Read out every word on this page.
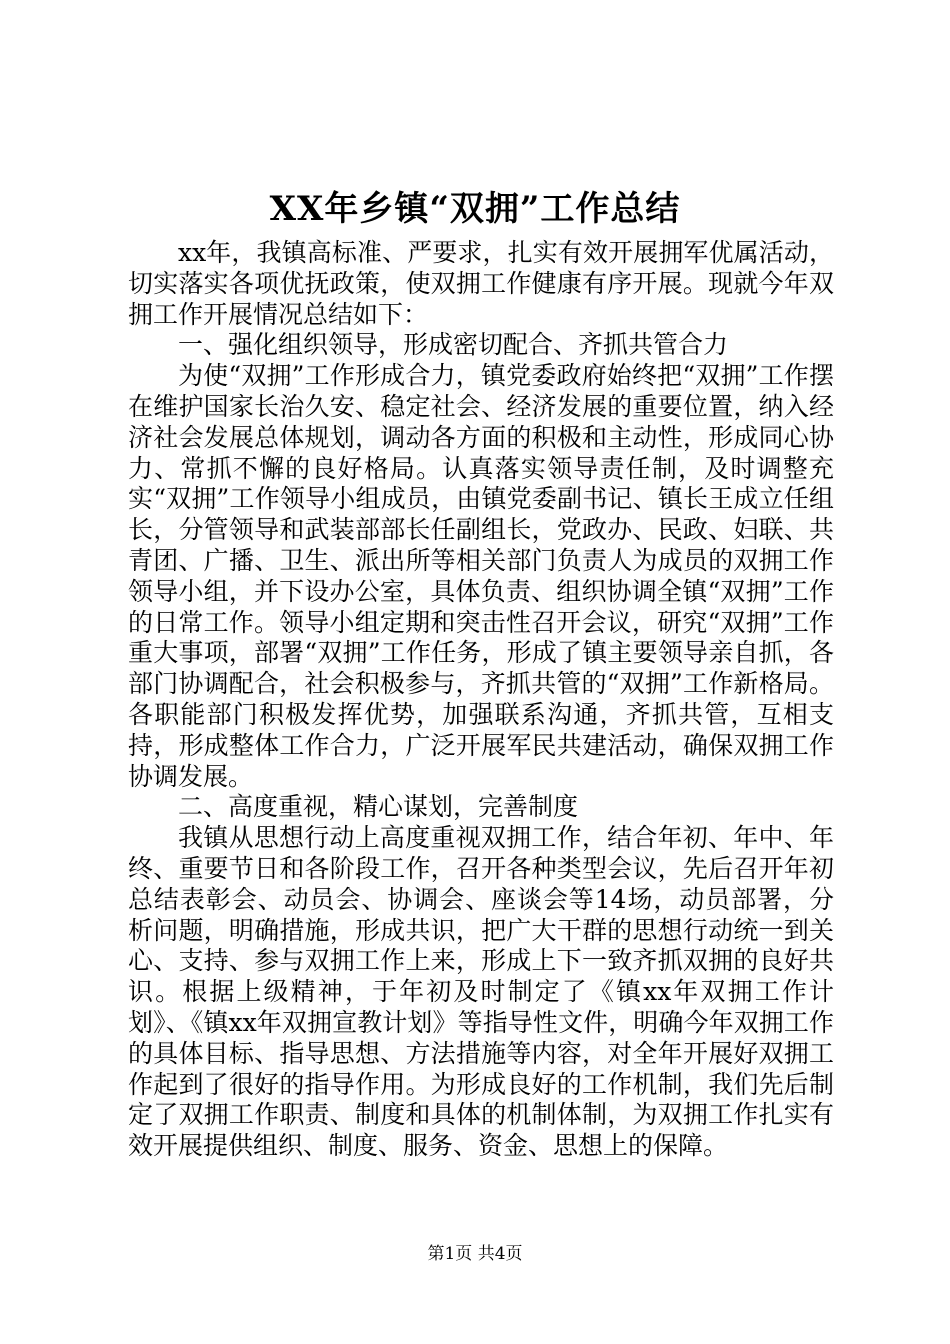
XX年乡镇“双拥”工作总结

xx年，我镇高标准、严要求，扎实有效开展拥军优属活动，切实落实各项优抚政策，使双拥工作健康有序开展。现就今年双拥工作开展情况总结如下：

一、强化组织领导，形成密切配合、齐抓共管合力

为使“双拥”工作形成合力，镇党委政府始终把“双拥”工作摆在维护国家长治久安、稳定社会、经济发展的重要位置，纳入经济社会发展总体规划，调动各方面的积极和主动性，形成同心协力、常抓不懈的良好格局。认真落实领导责任制，及时调整充实“双拥”工作领导小组成员，由镇党委副书记、镇长王成立任组长，分管领导和武装部部长任副组长，党政办、民政、妇联、共青团、广播、卫生、派出所等相关部门负责人为成员的双拥工作领导小组，并下设办公室，具体负责、组织协调全镇“双拥”工作的日常工作。领导小组定期和突击性召开会议，研究“双拥”工作重大事项，部署“双拥”工作任务，形成了镇主要领导亲自抓，各部门协调配合，社会积极参与，齐抓共管的“双拥”工作新格局。各职能部门积极发挥优势，加强联系沟通，齐抓共管，互相支持，形成整体工作合力，广泛开展军民共建活动，确保双拥工作协调发展。

二、高度重视，精心谋划，完善制度

我镇从思想行动上高度重视双拥工作，结合年初、年中、年终、重要节日和各阶段工作，召开各种类型会议，先后召开年初总结表彰会、动员会、协调会、座谈会等14场，动员部署，分析问题，明确措施，形成共识，把广大干群的思想行动统一到关心、支持、参与双拥工作上来，形成上下一致齐抓双拥的良好共识。根据上级精神，于年初及时制定了《镇xx年双拥工作计划》、《镇xx年双拥宣教计划》等指导性文件，明确今年双拥工作的具体目标、指导思想、方法措施等内容，对全年开展好双拥工作起到了很好的指导作用。为形成良好的工作机制，我们先后制定了双拥工作职责、制度和具体的机制体制，为双拥工作扎实有效开展提供组织、制度、服务、资金、思想上的保障。

第1页 共4页
